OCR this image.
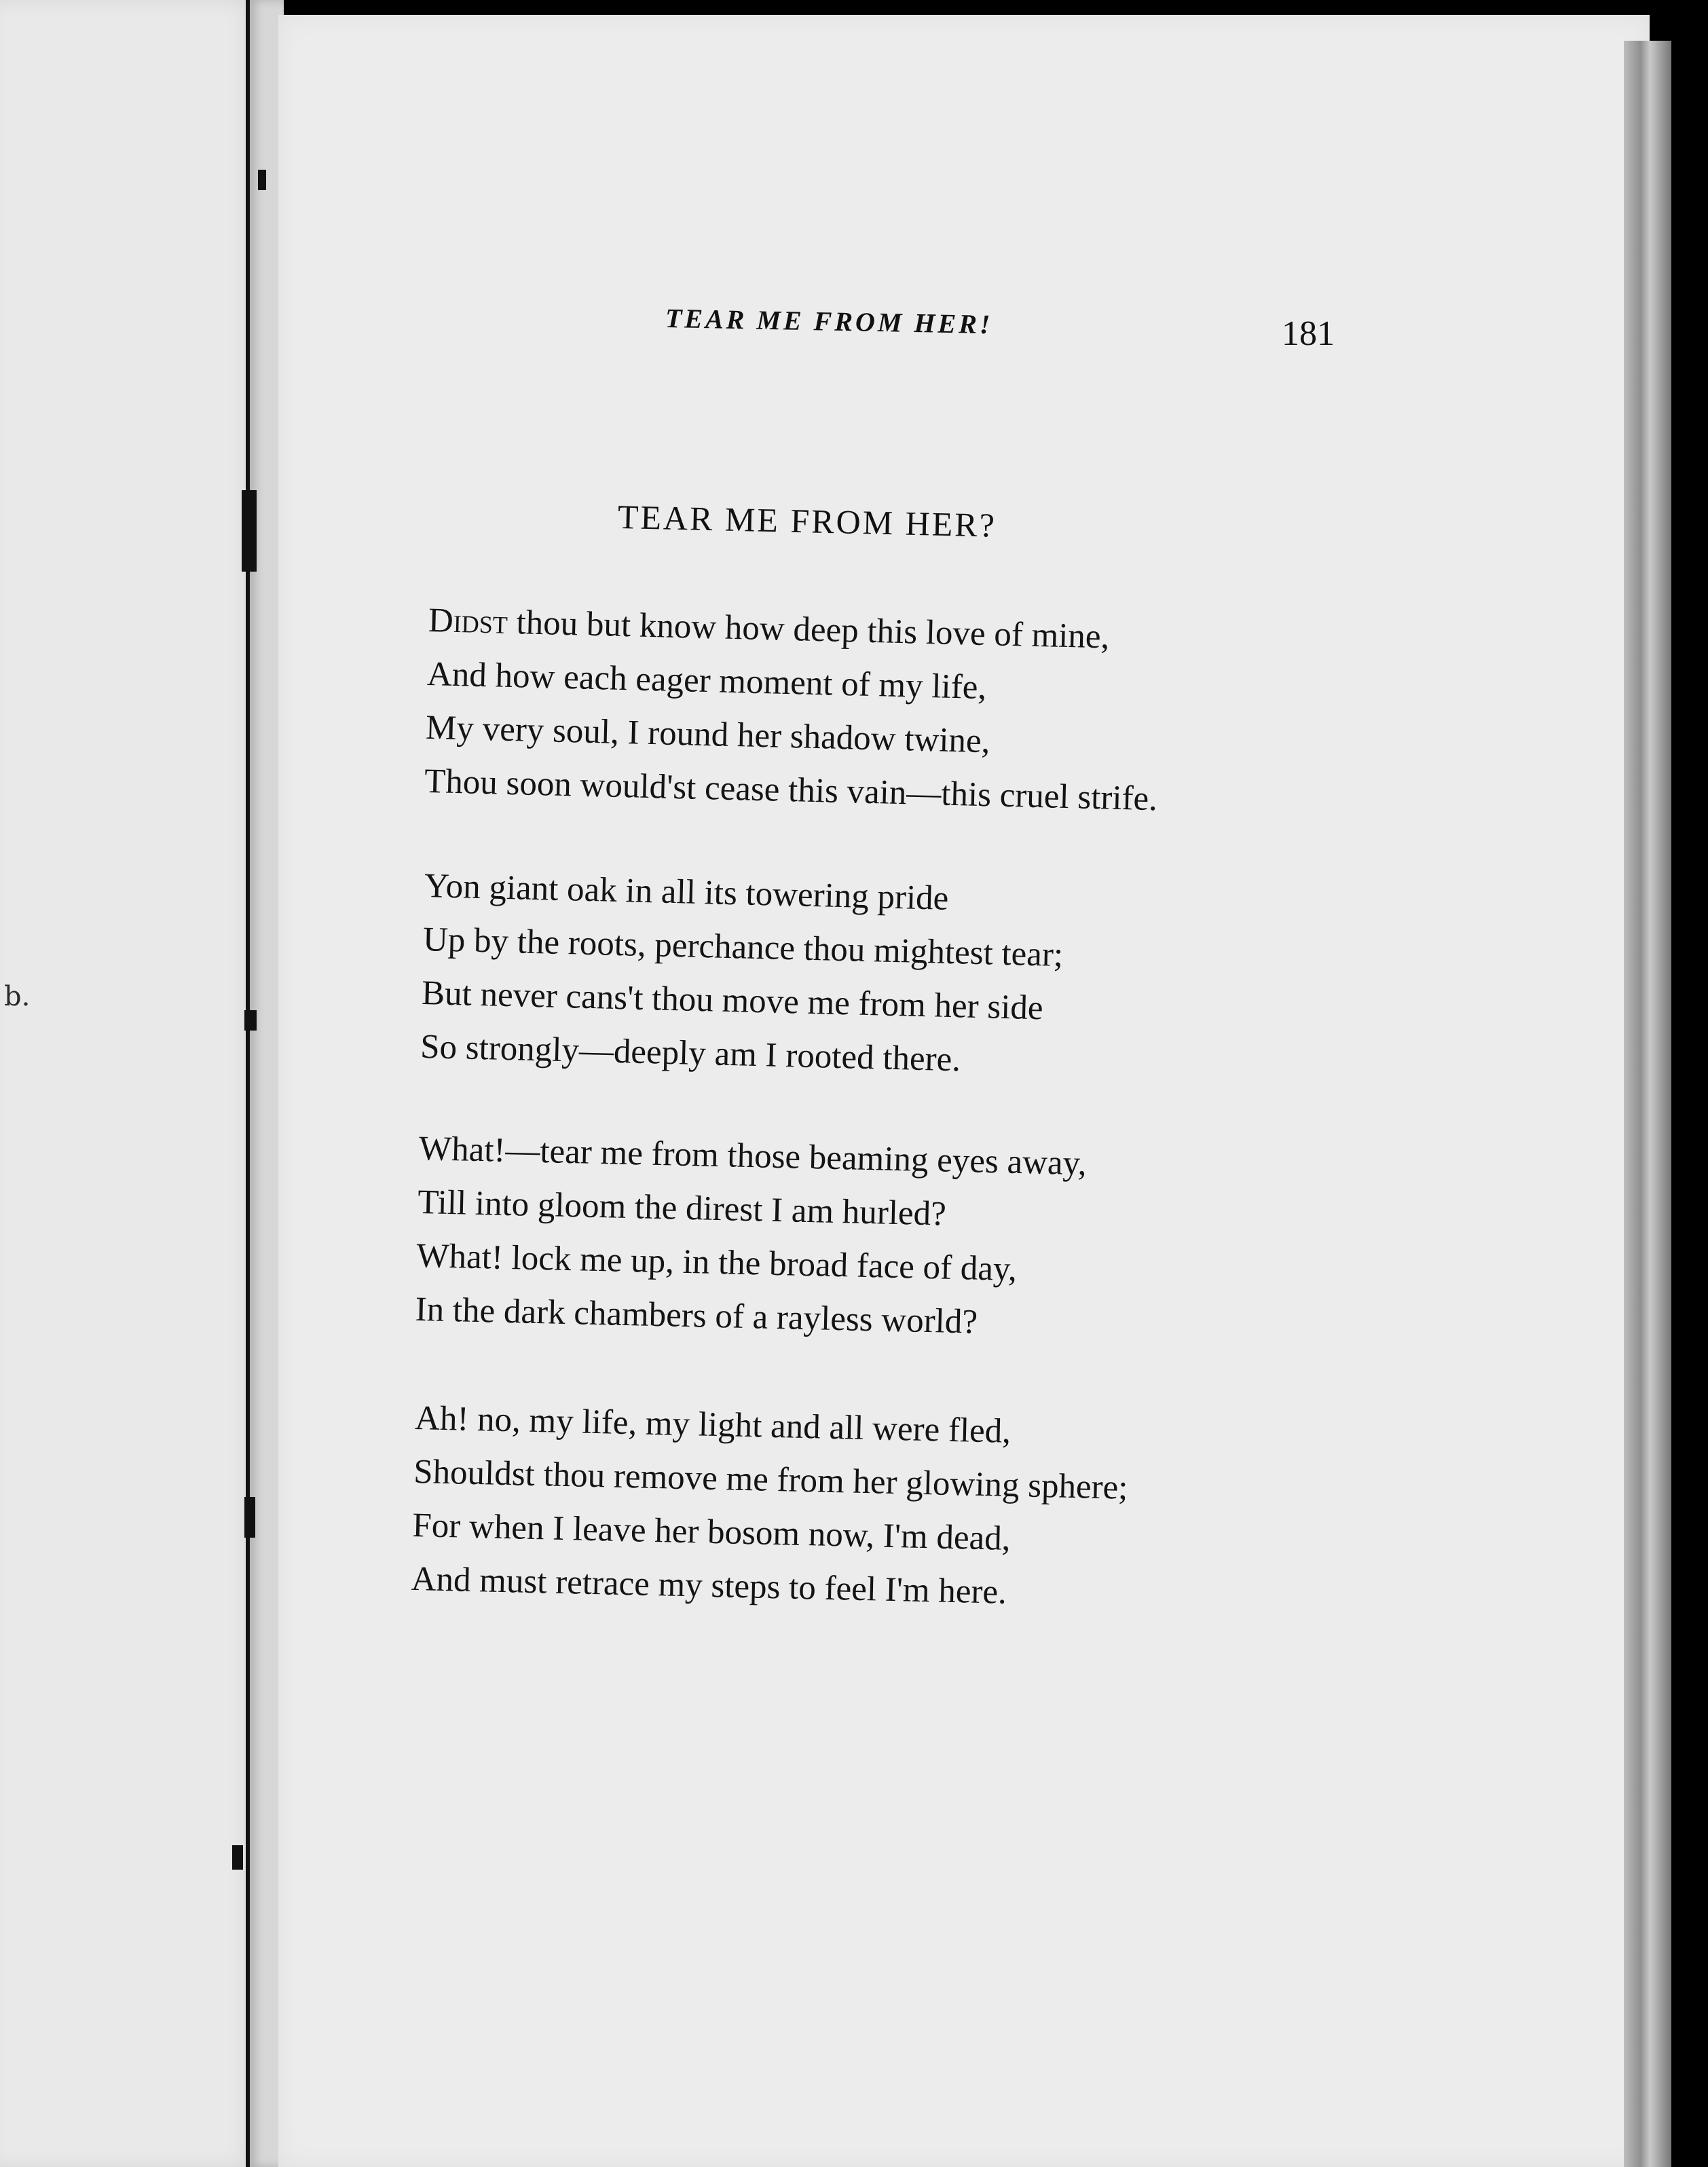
b.
TEAR ME FROM HER!	181
TEAR ME FROM HER?
Didst thou but know how deep this love of mine,
And how each eager moment of my life,
My very soul, I round her shadow twine,
Thou soon would'st cease this vain—this cruel strife.
Yon giant oak in all its towering pride
Up by the roots, perchance thou mightest tear;
But never cans't thou move me from her side
So strongly—deeply am I rooted there.
What!—tear me from those beaming eyes away,
Till into gloom the direst I am hurled?
What! lock me up, in the broad face of day,
In the dark chambers of a rayless world?
Ah! no, my life, my light and all were fled,
Shouldst thou remove me from her glowing sphere;
For when I leave her bosom now, I'm dead,
And must retrace my steps to feel I'm here.
